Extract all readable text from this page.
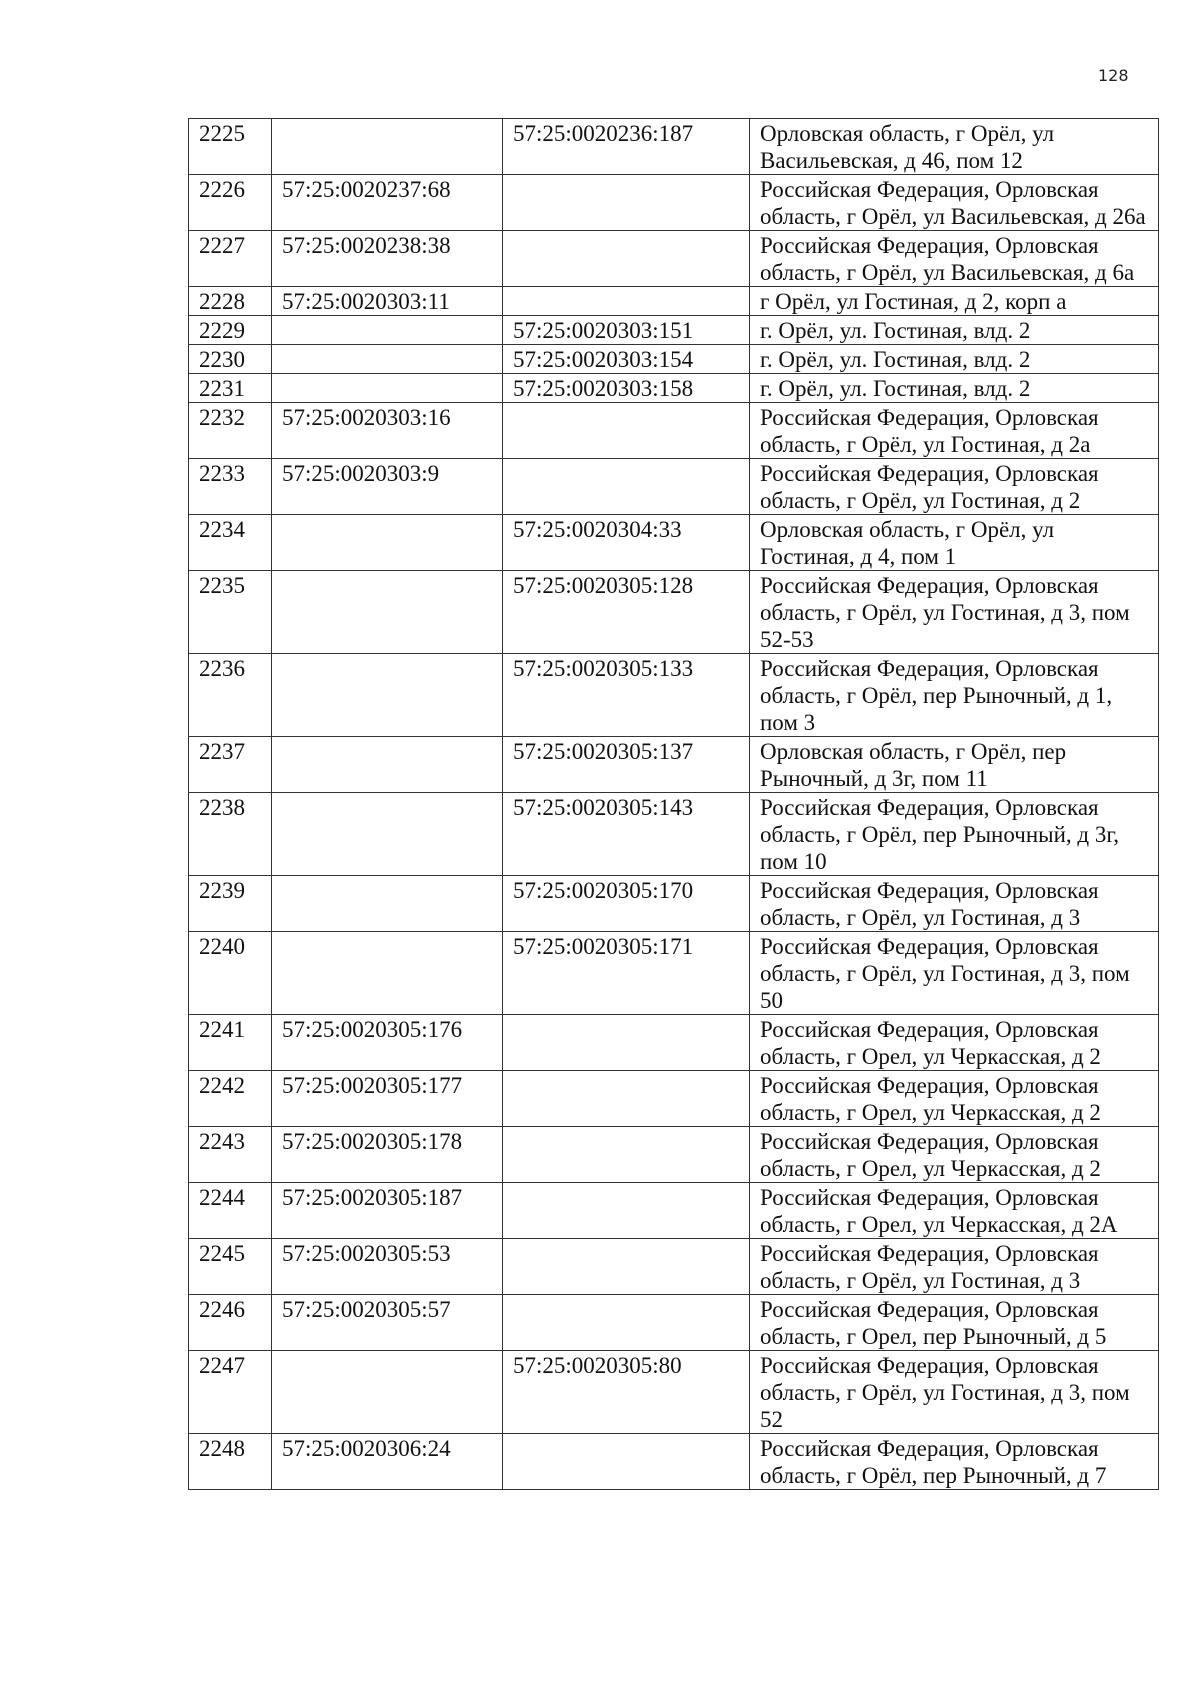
128
2225		57:25:0020236:187	Орловская область, г Орёл, ул Васильевская, д 46, пом 12
2226	57:25:0020237:68		Российская Федерация, Орловская область, г Орёл, ул Васильевская, д 26а
2227	57:25:0020238:38		Российская Федерация, Орловская область, г Орёл, ул Васильевская, д 6а
2228	57:25:0020303:11		г Орёл, ул Гостиная, д 2, корп а
2229		57:25:0020303:151	г. Орёл, ул. Гостиная, влд. 2
2230		57:25:0020303:154	г. Орёл, ул. Гостиная, влд. 2
2231		57:25:0020303:158	г. Орёл, ул. Гостиная, влд. 2
2232	57:25:0020303:16		Российская Федерация, Орловская область, г Орёл, ул Гостиная, д 2а
2233	57:25:0020303:9		Российская Федерация, Орловская область, г Орёл, ул Гостиная, д 2
2234		57:25:0020304:33	Орловская область, г Орёл, ул Гостиная, д 4, пом 1
2235		57:25:0020305:128	Российская Федерация, Орловская область, г Орёл, ул Гостиная, д 3, пом 52-53
2236		57:25:0020305:133	Российская Федерация, Орловская область, г Орёл, пер Рыночный, д 1, пом 3
2237		57:25:0020305:137	Орловская область, г Орёл, пер Рыночный, д 3г, пом 11
2238		57:25:0020305:143	Российская Федерация, Орловская область, г Орёл, пер Рыночный, д 3г, пом 10
2239		57:25:0020305:170	Российская Федерация, Орловская область, г Орёл, ул Гостиная, д 3
2240		57:25:0020305:171	Российская Федерация, Орловская область, г Орёл, ул Гостиная, д 3, пом 50
2241	57:25:0020305:176		Российская Федерация, Орловская область, г Орел, ул Черкасская, д 2
2242	57:25:0020305:177		Российская Федерация, Орловская область, г Орел, ул Черкасская, д 2
2243	57:25:0020305:178		Российская Федерация, Орловская область, г Орел, ул Черкасская, д 2
2244	57:25:0020305:187		Российская Федерация, Орловская область, г Орел, ул Черкасская, д 2А
2245	57:25:0020305:53		Российская Федерация, Орловская область, г Орёл, ул Гостиная, д 3
2246	57:25:0020305:57		Российская Федерация, Орловская область, г Орел, пер Рыночный, д 5
2247		57:25:0020305:80	Российская Федерация, Орловская область, г Орёл, ул Гостиная, д 3, пом 52
2248	57:25:0020306:24		Российская Федерация, Орловская область, г Орёл, пер Рыночный, д 7
